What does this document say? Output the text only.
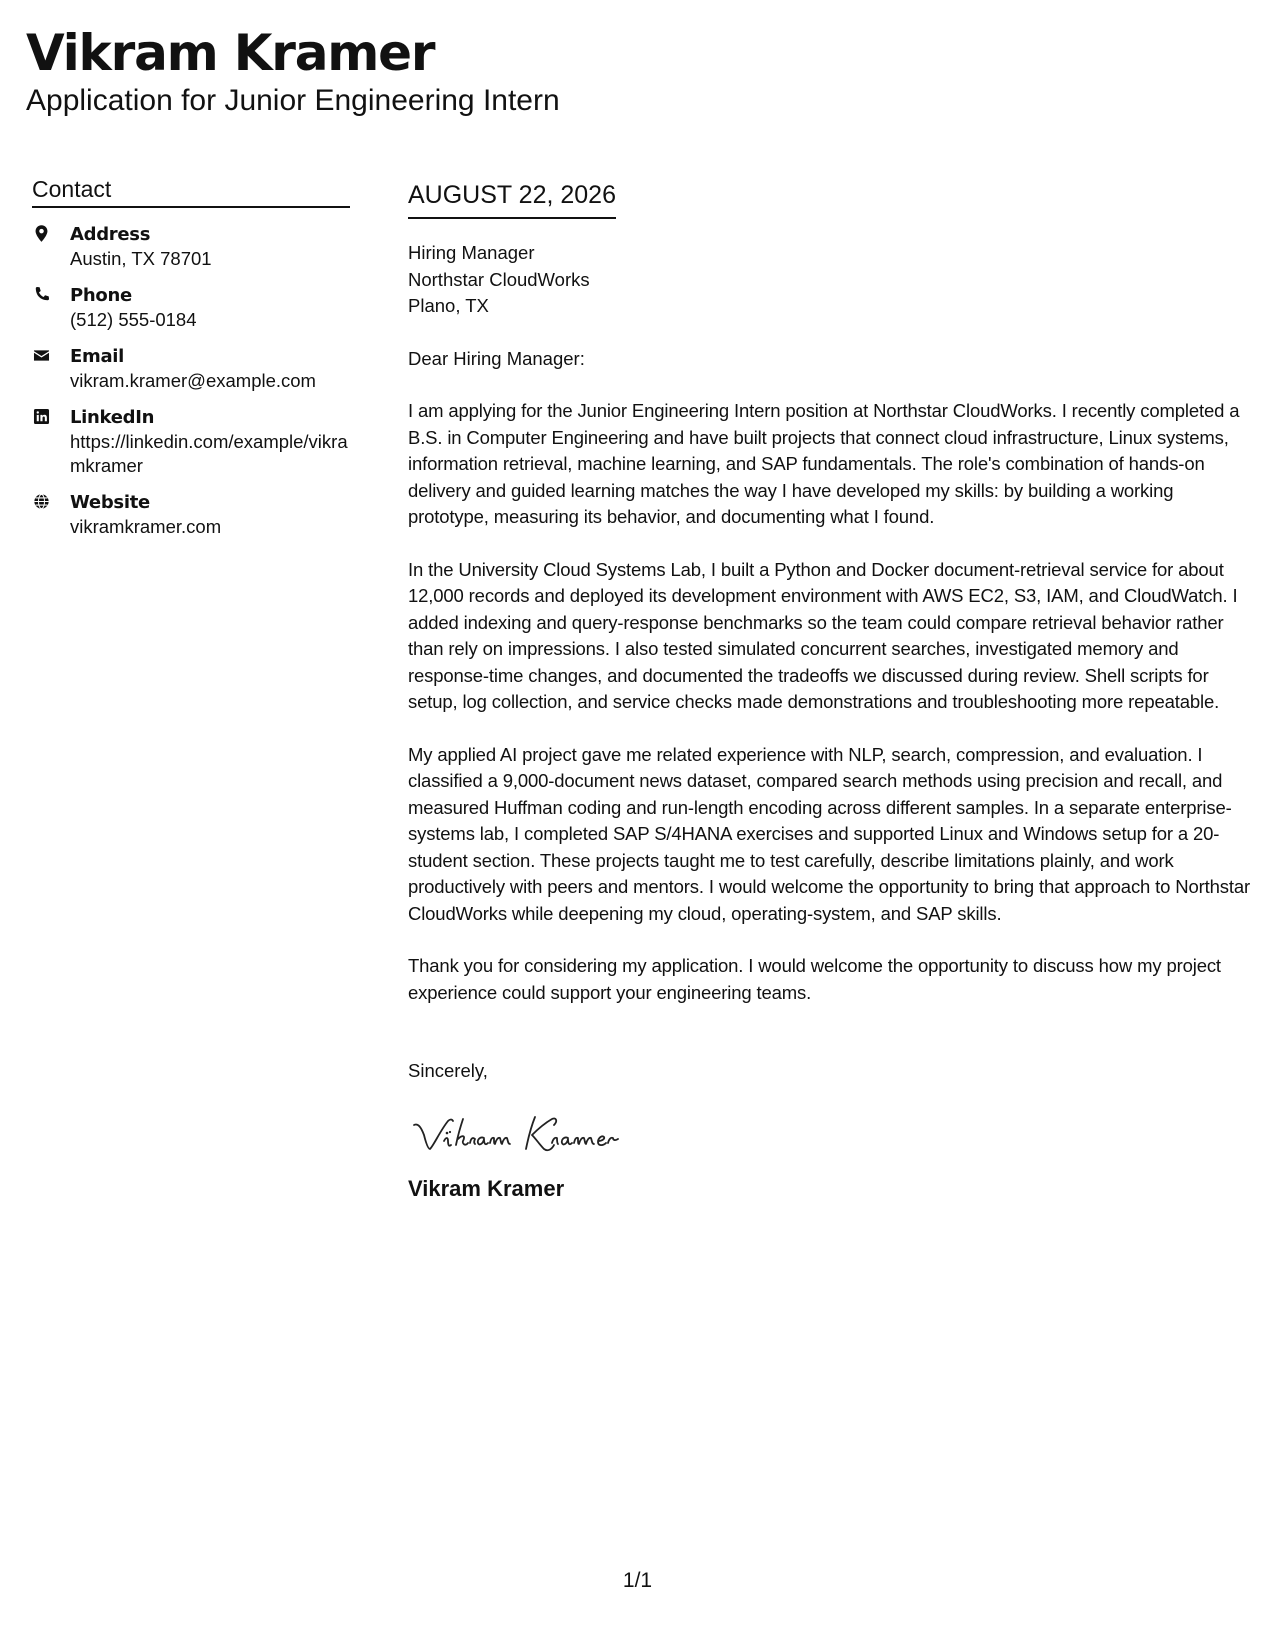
Vikram Kramer
Application for Junior Engineering Intern
Contact
Address
Austin, TX 78701
Phone
(512) 555-0184
Email
vikram.kramer@example.com
LinkedIn
https://linkedin.com/example/vikramkramer
Website
vikramkramer.com
AUGUST 22, 2026

Hiring Manager

Northstar CloudWorks

Plano, TX

Dear Hiring Manager:

I am applying for the Junior Engineering Intern position at Northstar CloudWorks. I recently completed a B.S. in Computer Engineering and have built projects that connect cloud infrastructure, Linux systems, information retrieval, machine learning, and SAP fundamentals. The role's combination of hands-on delivery and guided learning matches the way I have developed my skills: by building a working prototype, measuring its behavior, and documenting what I found.

In the University Cloud Systems Lab, I built a Python and Docker document-retrieval service for about 12,000 records and deployed its development environment with AWS EC2, S3, IAM, and CloudWatch. I added indexing and query-response benchmarks so the team could compare retrieval behavior rather than rely on impressions. I also tested simulated concurrent searches, investigated memory and response-time changes, and documented the tradeoffs we discussed during review. Shell scripts for setup, log collection, and service checks made demonstrations and troubleshooting more repeatable.

My applied AI project gave me related experience with NLP, search, compression, and evaluation. I classified a 9,000-document news dataset, compared search methods using precision and recall, and measured Huffman coding and run-length encoding across different samples. In a separate enterprise-systems lab, I completed SAP S/4HANA exercises and supported Linux and Windows setup for a 20-student section. These projects taught me to test carefully, describe limitations plainly, and work productively with peers and mentors. I would welcome the opportunity to bring that approach to Northstar CloudWorks while deepening my cloud, operating-system, and SAP skills.

Thank you for considering my application. I would welcome the opportunity to discuss how my project experience could support your engineering teams.

Sincerely,

Vikram Kramer
1/1
